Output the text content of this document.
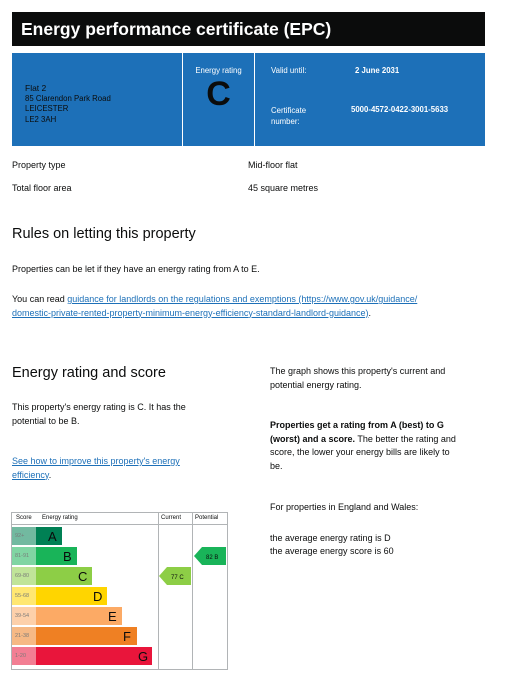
Energy performance certificate (EPC)
Flat 2
85 Clarendon Park Road
LEICESTER
LE2 3AH
Energy rating
C
Valid until:	2 June 2031
Certificate
number:
5000-4572-0422-3001-5633
Property type	Mid-floor flat
Total floor area	45 square metres
Rules on letting this property
Properties can be let if they have an energy rating from A to E.
You can read guidance for landlords on the regulations and exemptions (https://www.gov.uk/guidance/
domestic-private-rented-property-minimum-energy-efficiency-standard-landlord-guidance).
Energy rating and score
This property's energy rating is C. It has the
potential to be B.
See how to improve this property's energy
efficiency.
The graph shows this property's current and
potential energy rating.
Properties get a rating from A (best) to G
(worst) and a score. The better the rating and
score, the lower your energy bills are likely to
be.
For properties in England and Wales:
the average energy rating is D
the average energy score is 60
Score Energy rating	Current Potential
92+	A
81-91	B
69-80	C
55-68	D
39-54	E
21-38	F
1-20	G
77 C
82 B
